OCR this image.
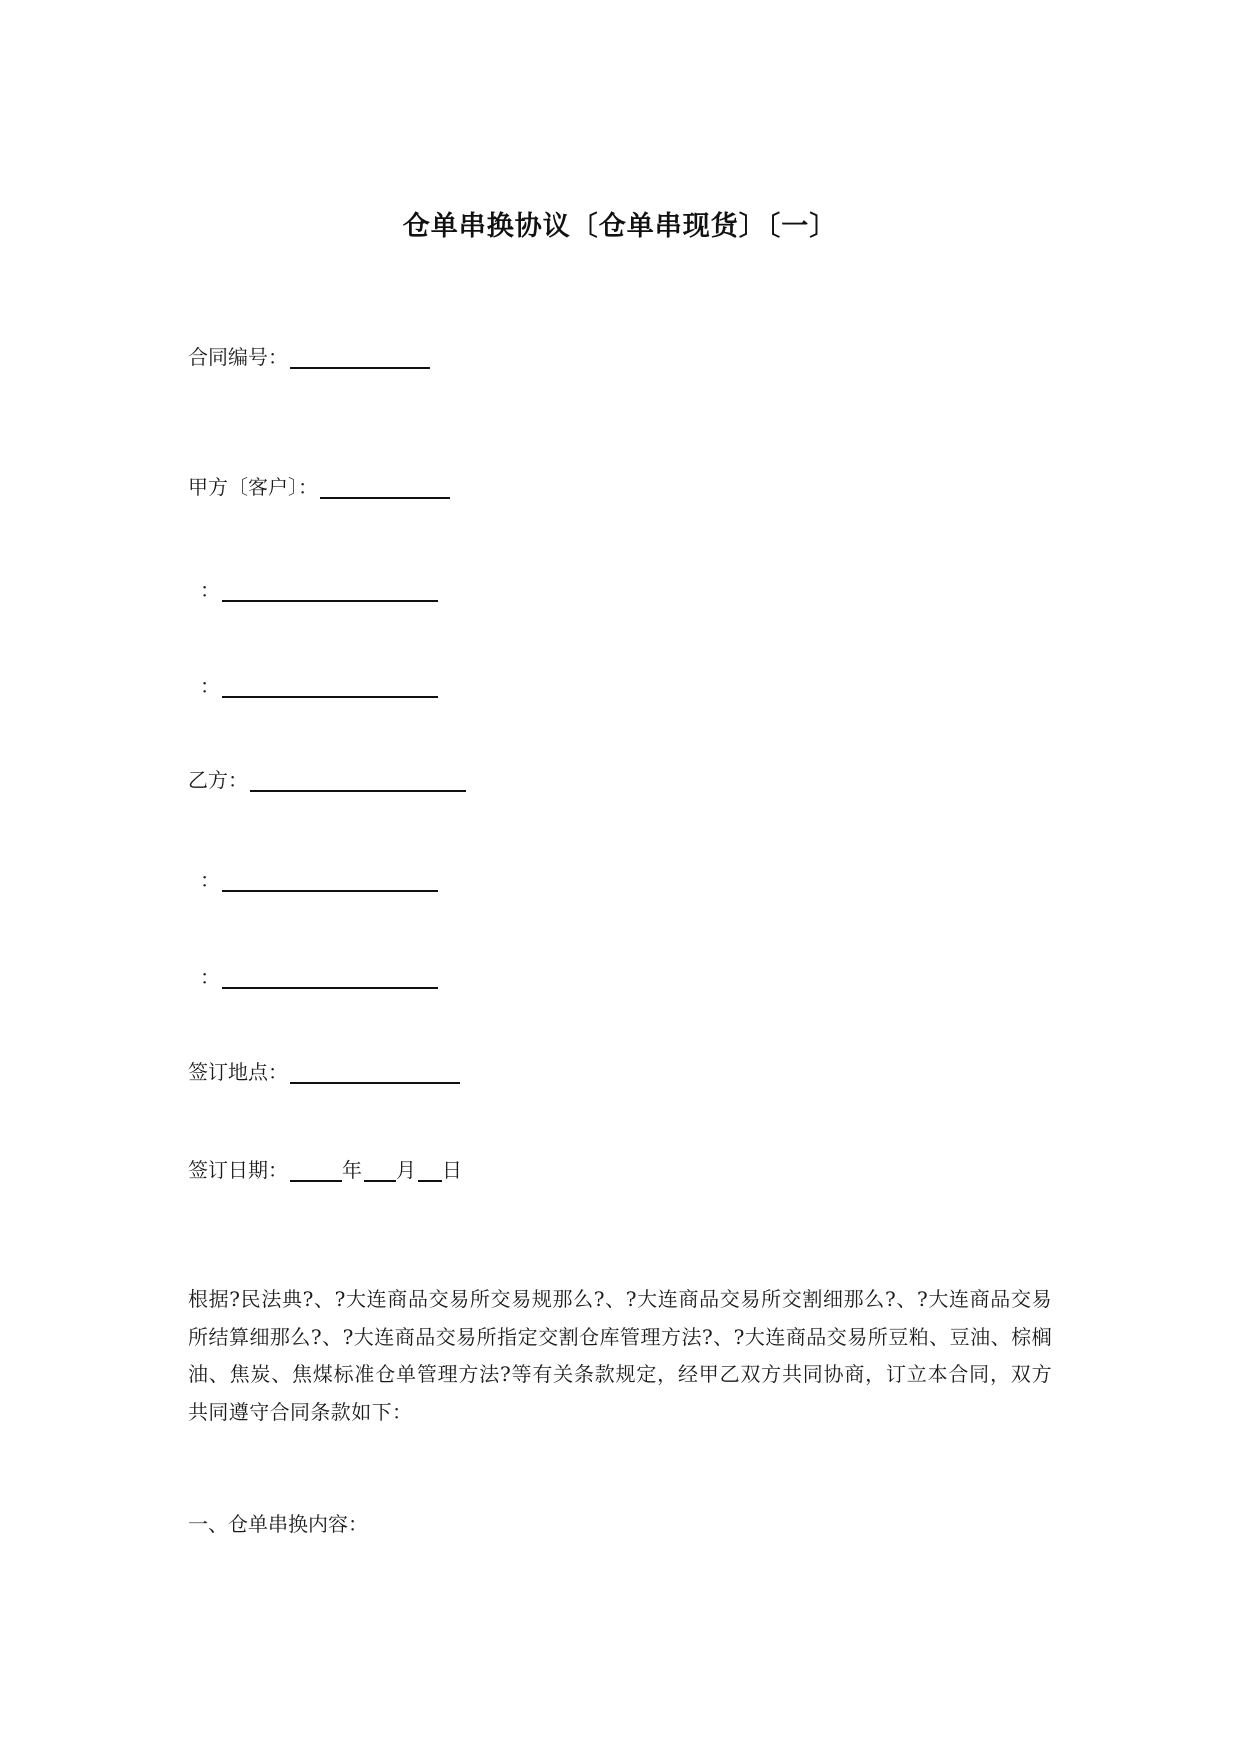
仓单串换协议〔仓单串现货〕〔一〕
合同编号：
甲方〔客户〕：
：
：
乙方：
：
：
签订地点：
签订日期：	年 月 日
根据?民法典?、?大连商品交易所交易规那么?、?大连商品交易所交割细那么?、?大连商品交易所结算细那么?、?大连商品交易所指定交割仓库管理方法?、?大连商品交易所豆粕、豆油、棕榈油、焦炭、焦煤标准仓单管理方法?等有关条款规定，经甲乙双方共同协商，订立本合同，双方共同遵守合同条款如下：
一、仓单串换内容：
